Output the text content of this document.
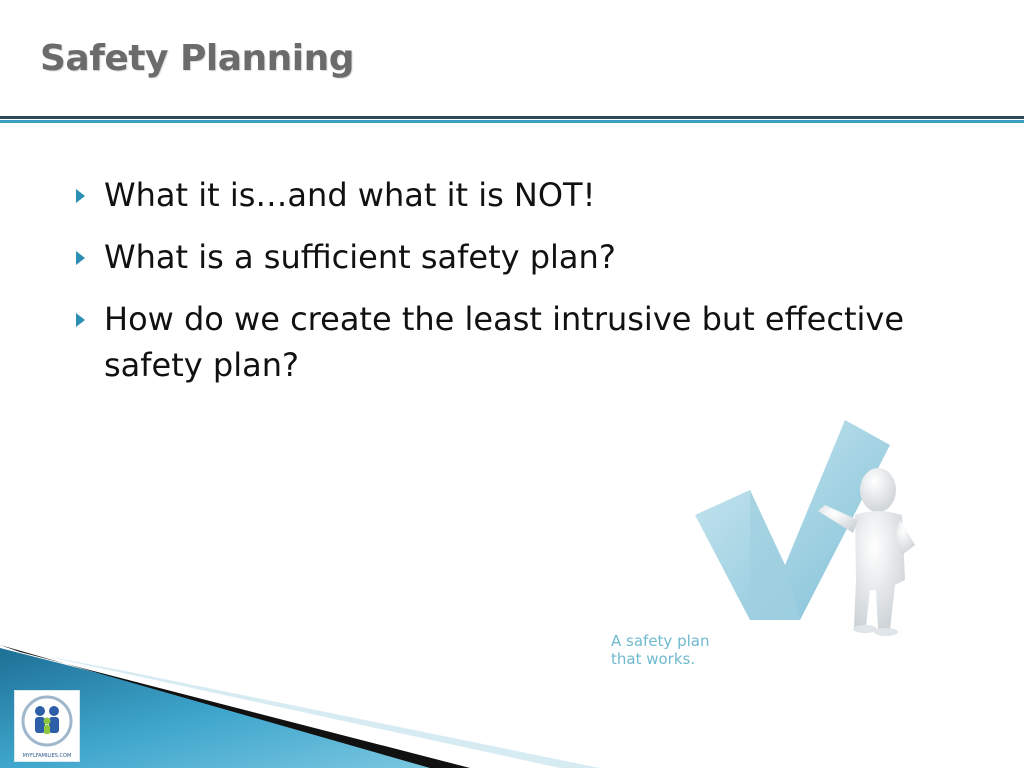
Safety Planning
What it is…and what it is NOT!
What is a sufficient safety plan?
How do we create the least intrusive but effective safety plan?
A safety plan
that works.
MYFLFAMILIES.COM
